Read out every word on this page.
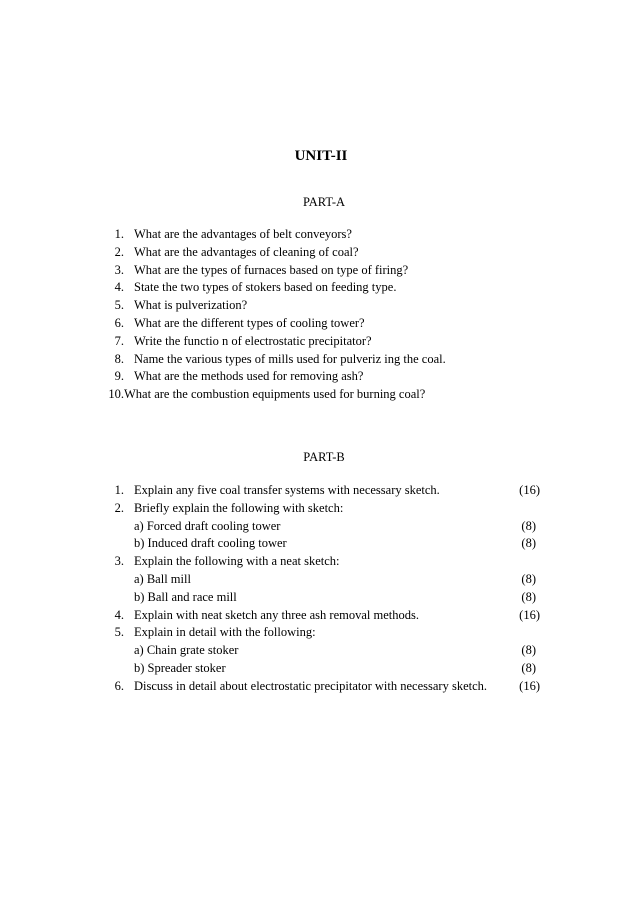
UNIT-II
PART-A
1. What are the advantages of belt conveyors?
2. What are the advantages of cleaning of coal?
3. What are the types of furnaces based on type of firing?
4. State the two types of stokers based on feeding type.
5. What is pulverization?
6. What are the different types of cooling tower?
7. Write the functio n of electrostatic precipitator?
8. Name the various types of mills used for pulveriz ing the coal.
9. What are the methods used for removing ash?
10. What are the combustion equipments used for burning coal?
PART-B
1. Explain any five coal transfer systems with necessary sketch.	(16)
2. Briefly explain the following with sketch:
a) Forced draft cooling tower	(8)
b) Induced draft cooling tower	(8)
3. Explain the following with a neat sketch:
a) Ball mill	(8)
b) Ball and race mill	(8)
4. Explain with neat sketch any three ash removal methods.	(16)
5. Explain in detail with the following:
a) Chain grate stoker	(8)
b) Spreader stoker	(8)
6. Discuss in detail about electrostatic precipitator with necessary sketch.	(16)
